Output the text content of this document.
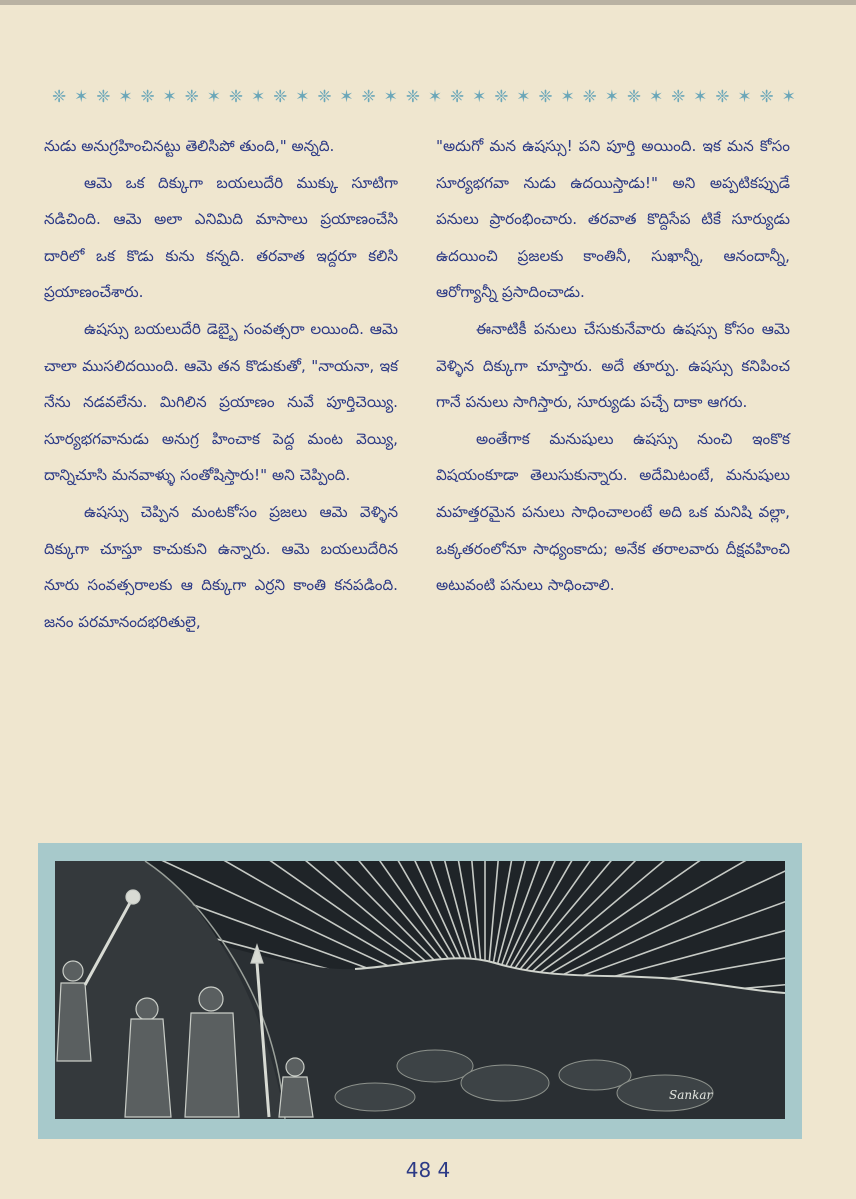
❈ ✶ ❈ ✶ ❈ ✶ ❈ ✶ ❈ ✶ ❈ ✶ ❈ ✶ ❈ ✶ ❈ ✶ ❈ ✶ ❈ ✶ ❈ ✶ ❈ ✶ ❈ ✶ ❈ ✶ ❈ ✶ ❈ ✶

నుడు అనుగ్రహించినట్టు తెలిసిపో తుంది," అన్నది.

ఆమె ఒక దిక్కుగా బయలుదేరి ముక్కు సూటిగా నడిచింది. ఆమె అలా ఎనిమిది మాసాలు ప్రయాణంచేసి దారిలో ఒక కొడు కును కన్నది. తరవాత ఇద్దరూ కలిసి ప్రయాణంచేశారు.

ఉషస్సు బయలుదేరి డెబ్బై సంవత్సరా లయింది. ఆమె చాలా ముసలిదయింది. ఆమె తన కొడుకుతో, "నాయనా, ఇక నేను నడవలేను. మిగిలిన ప్రయాణం నువే పూర్తిచెయ్యి. సూర్యభగవానుడు అనుగ్ర హించాక పెద్ద మంట వెయ్యి, దాన్నిచూసి మనవాళ్ళు సంతోషిస్తారు!" అని చెప్పింది.

ఉషస్సు చెప్పిన మంటకోసం ప్రజలు ఆమె వెళ్ళిన దిక్కుగా చూస్తూ కాచుకుని ఉన్నారు. ఆమె బయలుదేరిన నూరు సంవత్సరాలకు ఆ దిక్కుగా ఎర్రని కాంతి కనపడింది. జనం పరమానందభరితులై,

"అదుగో మన ఉషస్సు! పని పూర్తి అయింది. ఇక మన కోసం సూర్యభగవా నుడు ఉదయిస్తాడు!" అని అప్పటికప్పుడే పనులు ప్రారంభించారు. తరవాత కొద్దిసేప టికే సూర్యుడు ఉదయించి ప్రజలకు కాంతినీ, సుఖాన్నీ, ఆనందాన్నీ, ఆరోగ్యాన్నీ ప్రసాదించాడు.

ఈనాటికీ పనులు చేసుకునేవారు ఉషస్సు కోసం ఆమె వెళ్ళిన దిక్కుగా చూస్తారు. అదే తూర్పు. ఉషస్సు కనిపించ గానే పనులు సాగిస్తారు, సూర్యుడు పచ్చే దాకా ఆగరు.

అంతేగాక మనుషులు ఉషస్సు నుంచి ఇంకొక విషయంకూడా తెలుసుకున్నారు. అదేమిటంటే, మనుషులు మహత్తరమైన పనులు సాధించాలంటే అది ఒక మనిషి వల్లా, ఒక్కతరంలోనూ సాధ్యంకాదు; అనేక తరాలవారు దీక్షవహించి అటువంటి పనులు సాధించాలి.

Sankar
48 4
